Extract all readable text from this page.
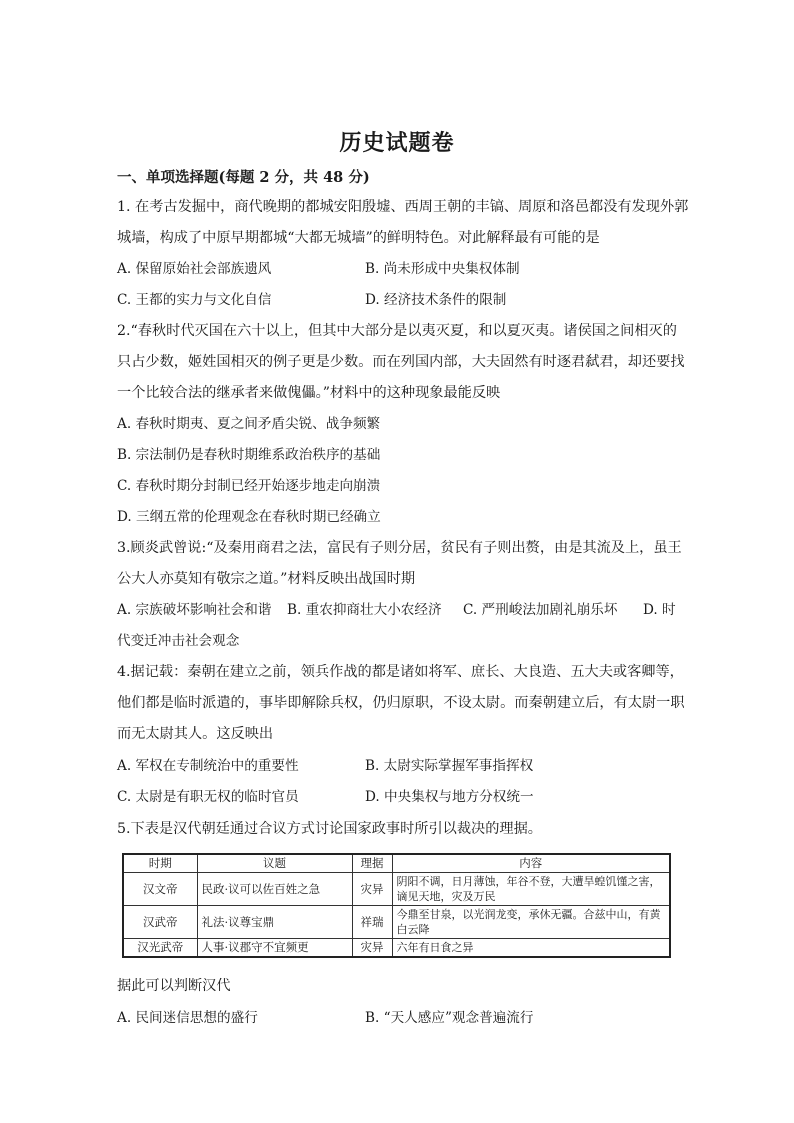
历史试题卷
一、单项选择题(每题 2 分，共 48 分)
1. 在考古发掘中，商代晚期的都城安阳殷墟、西周王朝的丰镐、周原和洛邑都没有发现外郭
城墙，构成了中原早期都城“大都无城墙”的鲜明特色。对此解释最有可能的是
A. 保留原始社会部族遗风	B. 尚未形成中央集权体制
C. 王都的实力与文化自信	D. 经济技术条件的限制
2.“春秋时代灭国在六十以上，但其中大部分是以夷灭夏，和以夏灭夷。诸侯国之间相灭的
只占少数，姬姓国相灭的例子更是少数。而在列国内部，大夫固然有时逐君弑君，却还要找
一个比较合法的继承者来做傀儡。”材料中的这种现象最能反映
A. 春秋时期夷、夏之间矛盾尖锐、战争频繁
B. 宗法制仍是春秋时期维系政治秩序的基础
C. 春秋时期分封制已经开始逐步地走向崩溃
D. 三纲五常的伦理观念在春秋时期已经确立
3.顾炎武曾说:“及秦用商君之法，富民有子则分居，贫民有子则出赘，由是其流及上，虽王
公大人亦莫知有敬宗之道。”材料反映出战国时期
A. 宗族破坏影响社会和谐 B. 重农抑商壮大小农经济 C. 严刑峻法加剧礼崩乐坏 D. 时
代变迁冲击社会观念
4.据记载：秦朝在建立之前，领兵作战的都是诸如将军、庶长、大良造、五大夫或客卿等，
他们都是临时派遣的，事毕即解除兵权，仍归原职，不设太尉。而秦朝建立后，有太尉一职
而无太尉其人。这反映出
A. 军权在专制统治中的重要性	B. 太尉实际掌握军事指挥权
C. 太尉是有职无权的临时官员	D. 中央集权与地方分权统一
5.下表是汉代朝廷通过合议方式讨论国家政事时所引以裁决的理据。
时期	议题	理据	内容
汉文帝	民政·议可以佐百姓之急	灾异	阴阳不调，日月薄蚀，年谷不登，大遭旱蝗饥馑之害，谪见天地，灾及万民
汉武帝	礼法·议尊宝鼎	祥瑞	今鼎至甘泉，以光润龙变，承休无疆。合兹中山，有黄白云降
汉光武帝	人事·议郡守不宜频更	灾异	六年有日食之异
据此可以判断汉代
A. 民间迷信思想的盛行	B. “天人感应”观念普遍流行
